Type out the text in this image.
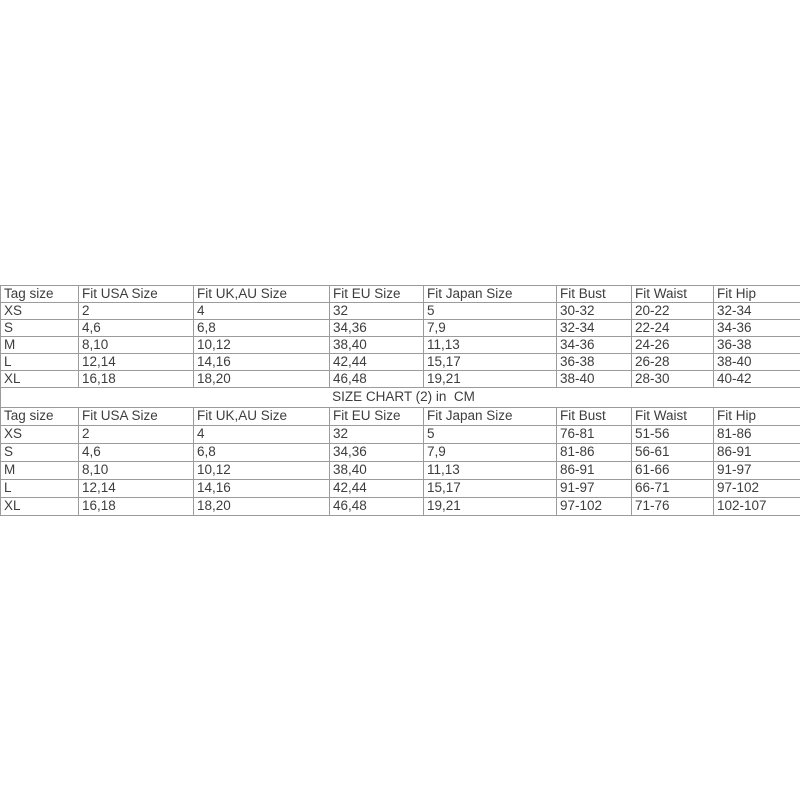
Tag size	Fit USA Size	Fit UK,AU Size	Fit EU Size	Fit Japan Size	Fit Bust	Fit Waist	Fit Hip
XS	2	4	32	5	30-32	20-22	32-34
S	4,6	6,8	34,36	7,9	32-34	22-24	34-36
M	8,10	10,12	38,40	11,13	34-36	24-26	36-38
L	12,14	14,16	42,44	15,17	36-38	26-28	38-40
XL	16,18	18,20	46,48	19,21	38-40	28-30	40-42
SIZE CHART (2) in  CM							
Tag size	Fit USA Size	Fit UK,AU Size	Fit EU Size	Fit Japan Size	Fit Bust	Fit Waist	Fit Hip
XS	2	4	32	5	76-81	51-56	81-86
S	4,6	6,8	34,36	7,9	81-86	56-61	86-91
M	8,10	10,12	38,40	11,13	86-91	61-66	91-97
L	12,14	14,16	42,44	15,17	91-97	66-71	97-102
XL	16,18	18,20	46,48	19,21	97-102	71-76	102-107
